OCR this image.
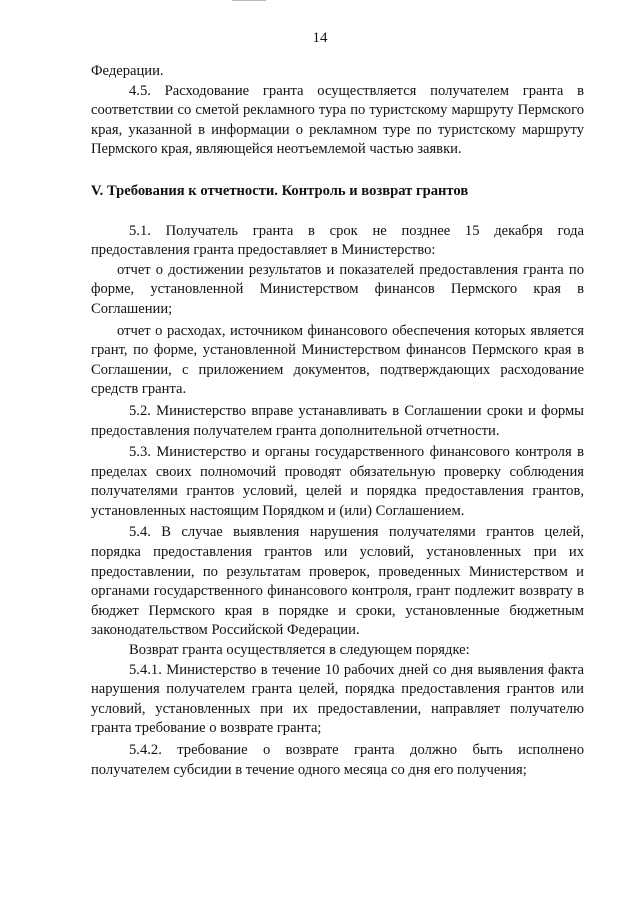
14

Федерации.

4.5. Расходование гранта осуществляется получателем гранта в соответствии со сметой рекламного тура по туристскому маршруту Пермского края, указанной в информации о рекламном туре по туристскому маршруту Пермского края, являющейся неотъемлемой частью заявки.

V. Требования к отчетности. Контроль и возврат грантов

5.1. Получатель гранта в срок не позднее 15 декабря года предоставления гранта предоставляет в Министерство:

отчет о достижении результатов и показателей предоставления гранта по форме, установленной Министерством финансов Пермского края в Соглашении;

отчет о расходах, источником финансового обеспечения которых является грант, по форме, установленной Министерством финансов Пермского края в Соглашении, с приложением документов, подтверждающих расходование средств гранта.

5.2. Министерство вправе устанавливать в Соглашении сроки и формы предоставления получателем гранта дополнительной отчетности.

5.3. Министерство и органы государственного финансового контроля в пределах своих полномочий проводят обязательную проверку соблюдения получателями грантов условий, целей и порядка предоставления грантов, установленных настоящим Порядком и (или) Соглашением.

5.4. В случае выявления нарушения получателями грантов целей, порядка предоставления грантов или условий, установленных при их предоставлении, по результатам проверок, проведенных Министерством и органами государственного финансового контроля, грант подлежит возврату в бюджет Пермского края в порядке и сроки, установленные бюджетным законодательством Российской Федерации.

Возврат гранта осуществляется в следующем порядке:

5.4.1. Министерство в течение 10 рабочих дней со дня выявления факта нарушения получателем гранта целей, порядка предоставления грантов или условий, установленных при их предоставлении, направляет получателю гранта требование о возврате гранта;

5.4.2. требование о возврате гранта должно быть исполнено получателем субсидии в течение одного месяца со дня его получения;
